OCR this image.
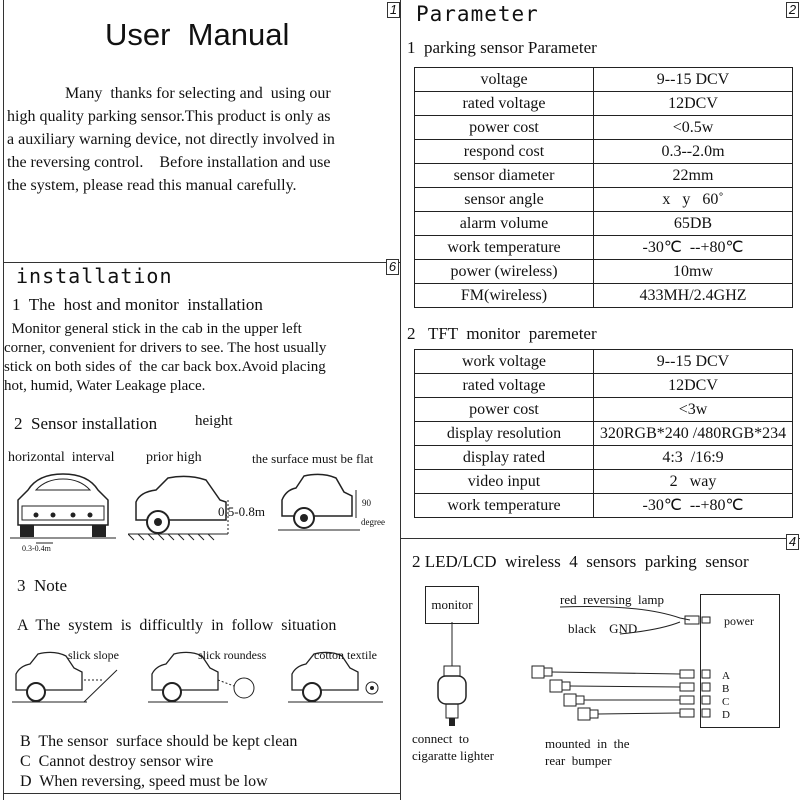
1
User  Manual
Many  thanks for selecting and  using our
high quality parking sensor.This product is only as
a auxiliary warning device, not directly involved in
the reversing control.    Before installation and use
the system, please read this manual carefully.
2
Parameter
1  parking sensor Parameter
voltage	9--15 DCV
rated voltage	12DCV
power cost	<0.5w
respond cost	0.3--2.0m
sensor diameter	22mm
sensor angle	x   y   60˚
alarm volume	65DB
work temperature	-30℃  --+80℃
power (wireless)	10mw
FM(wireless)	433MH/2.4GHZ
2   TFT  monitor  paremeter
work voltage	9--15 DCV
rated voltage	12DCV
power cost	<3w
display resolution	320RGB*240 /480RGB*234
display rated	4:3  /16:9
video input	2   way
work temperature	-30℃  --+80℃
6
installation
1  The  host and monitor  installation
Monitor general stick in the cab in the upper left
corner, convenient for drivers to see. The host usually
stick on both sides of  the car back box.Avoid placing
hot, humid, Water Leakage place.
2  Sensor installation	height
horizontal  interval prior high	the surface must be flat
0.3-0.4m
0.5-0.8m
90
degree
3  Note
A  The  system  is  difficultly  in  follow  situation
slick slope	slick roundess	cotton textile
B  The sensor  surface should be kept clean
C  Cannot destroy sensor wire
D  When reversing, speed must be low
4
2 LED/LCD  wireless  4  sensors  parking  sensor
monitor
connect  to
cigaratte lighter
red  reversing  lamp
black    GND	power
A
B
C
D
mounted  in  the
rear  bumper
